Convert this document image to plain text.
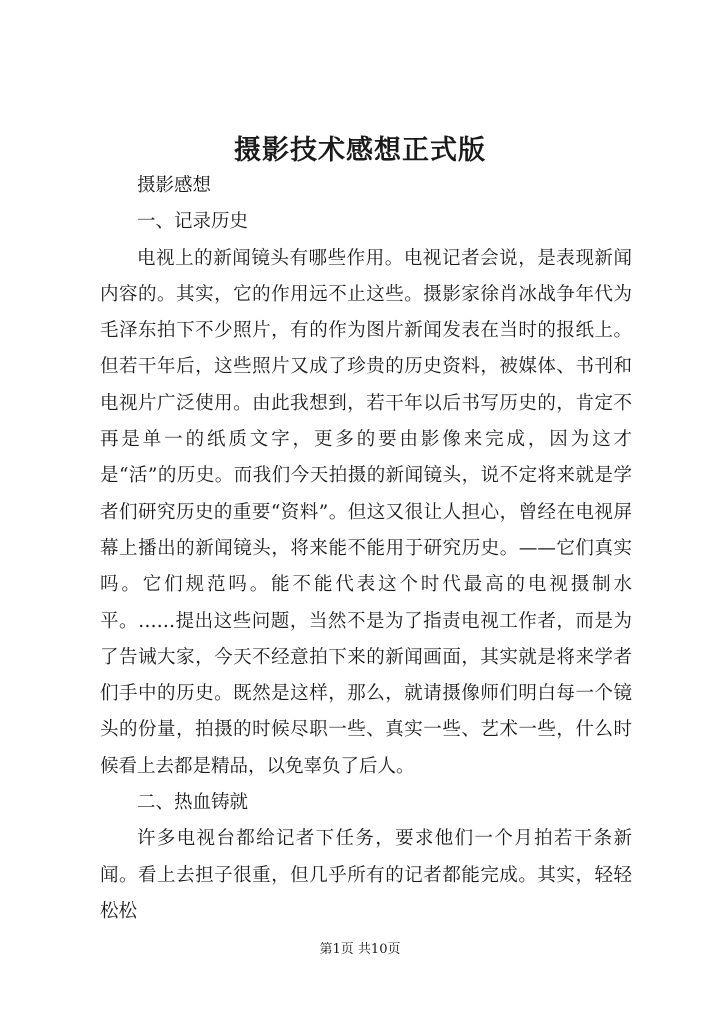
摄影技术感想正式版

摄影感想

一、记录历史

电视上的新闻镜头有哪些作用。电视记者会说，是表现新闻内容的。其实，它的作用远不止这些。摄影家徐肖冰战争年代为毛泽东拍下不少照片，有的作为图片新闻发表在当时的报纸上。但若干年后，这些照片又成了珍贵的历史资料，被媒体、书刊和电视片广泛使用。由此我想到，若干年以后书写历史的，肯定不再是单一的纸质文字，更多的要由影像来完成，因为这才是“活”的历史。而我们今天拍摄的新闻镜头，说不定将来就是学者们研究历史的重要“资料”。但这又很让人担心，曾经在电视屏幕上播出的新闻镜头，将来能不能用于研究历史。——它们真实吗。它们规范吗。能不能代表这个时代最高的电视摄制水平。……提出这些问题，当然不是为了指责电视工作者，而是为了告诫大家，今天不经意拍下来的新闻画面，其实就是将来学者们手中的历史。既然是这样，那么，就请摄像师们明白每一个镜头的份量，拍摄的时候尽职一些、真实一些、艺术一些，什么时候看上去都是精品，以免辜负了后人。

二、热血铸就

许多电视台都给记者下任务，要求他们一个月拍若干条新闻。看上去担子很重，但几乎所有的记者都能完成。其实，轻轻松松

第1页 共10页
